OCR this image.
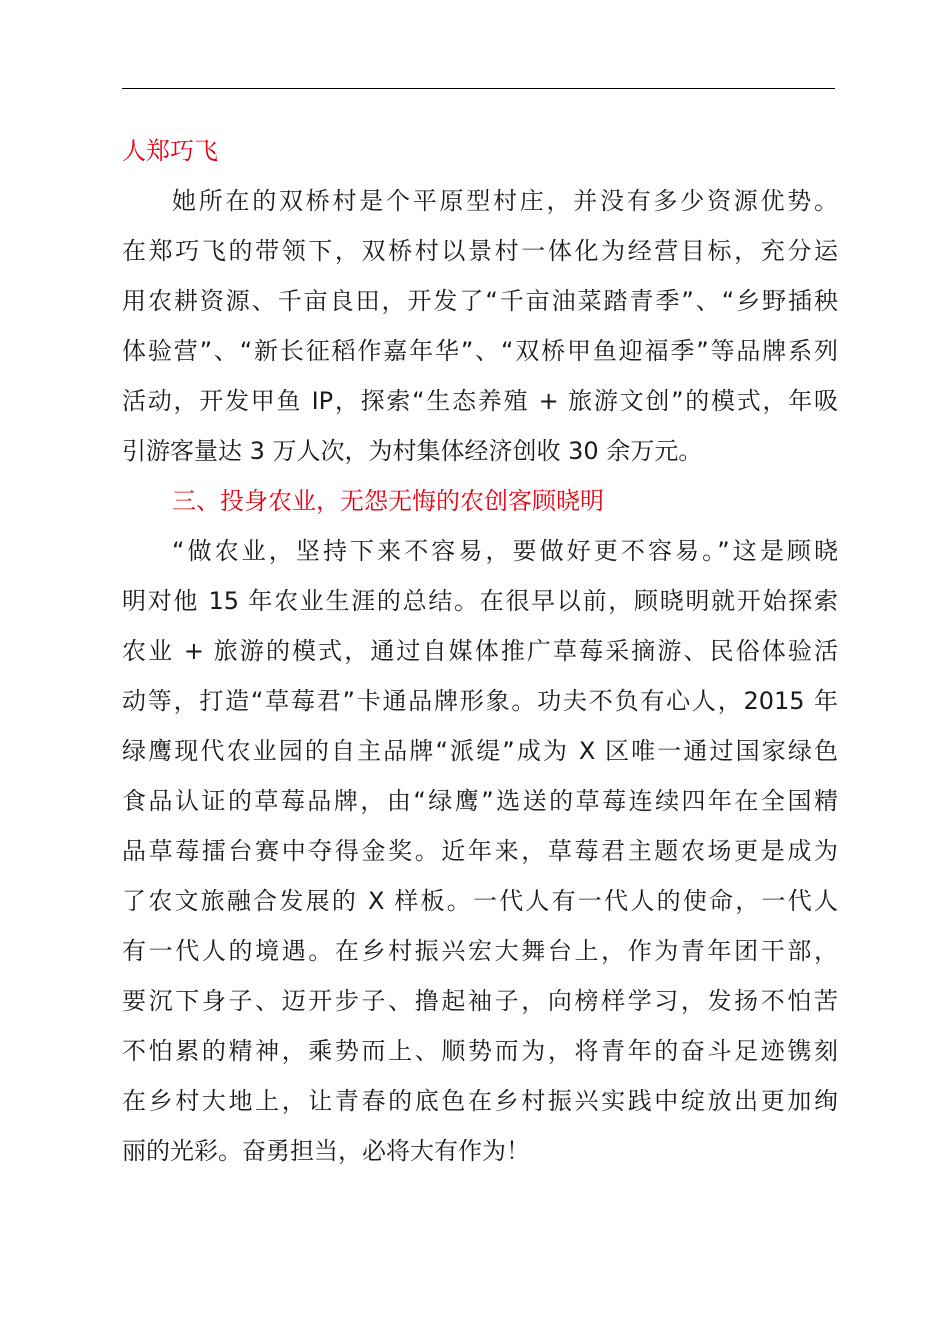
人郑巧飞
她所在的双桥村是个平原型村庄，并没有多少资源优势。
在郑巧飞的带领下，双桥村以景村一体化为经营目标，充分运
用农耕资源、千亩良田，开发了“千亩油菜踏青季”、“乡野插秧
体验营”、“新长征稻作嘉年华”、“双桥甲鱼迎福季”等品牌系列
活动，开发甲鱼 IP，探索“生态养殖 + 旅游文创”的模式，年吸
引游客量达 3 万人次，为村集体经济创收 30 余万元。
三、投身农业，无怨无悔的农创客顾晓明
“做农业，坚持下来不容易，要做好更不容易。”这是顾晓
明对他 15 年农业生涯的总结。在很早以前，顾晓明就开始探索
农业 + 旅游的模式，通过自媒体推广草莓采摘游、民俗体验活
动等，打造“草莓君”卡通品牌形象。功夫不负有心人，2015 年
绿鹰现代农业园的自主品牌“派缇”成为 X 区唯一通过国家绿色
食品认证的草莓品牌，由“绿鹰”选送的草莓连续四年在全国精
品草莓擂台赛中夺得金奖。近年来，草莓君主题农场更是成为
了农文旅融合发展的 X 样板。一代人有一代人的使命，一代人
有一代人的境遇。在乡村振兴宏大舞台上，作为青年团干部，
要沉下身子、迈开步子、撸起袖子，向榜样学习，发扬不怕苦
不怕累的精神，乘势而上、顺势而为，将青年的奋斗足迹镌刻
在乡村大地上，让青春的底色在乡村振兴实践中绽放出更加绚
丽的光彩。奋勇担当，必将大有作为！
